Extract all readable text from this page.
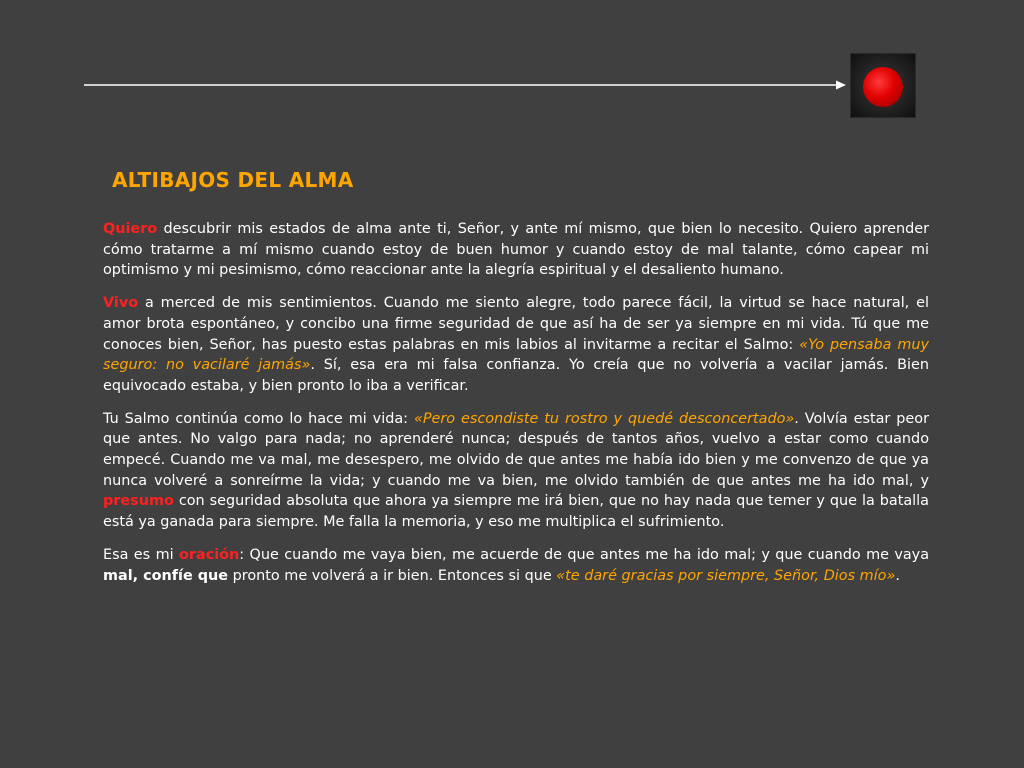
ALTIBAJOS DEL ALMA

Quiero descubrir mis estados de alma ante ti, Señor, y ante mí mismo, que bien lo necesito. Quiero aprender cómo tratarme a mí mismo cuando estoy de buen humor y cuando estoy de mal talante, cómo capear mi optimismo y mi pesimismo, cómo reaccionar ante la alegría espiritual y el desaliento humano.

Vivo a merced de mis sentimientos. Cuando me siento alegre, todo parece fácil, la virtud se hace natural, el amor brota espontáneo, y concibo una firme seguridad de que así ha de ser ya siempre en mi vida. Tú que me conoces bien, Señor, has puesto estas palabras en mis labios al invitarme a recitar el Salmo: «Yo pensaba muy seguro: no vacilaré jamás». Sí, esa era mi falsa confianza. Yo creía que no volvería a vacilar jamás. Bien equivocado estaba, y bien pronto lo iba a verificar.

Tu Salmo continúa como lo hace mi vida: «Pero escondiste tu rostro y quedé desconcertado». Volvía estar peor que antes. No valgo para nada; no aprenderé nunca; después de tantos años, vuelvo a estar como cuando empecé. Cuando me va mal, me desespero, me olvido de que antes me había ido bien y me convenzo de que ya nunca volveré a sonreírme la vida; y cuando me va bien, me olvido también de que antes me ha ido mal, y presumo con seguridad absoluta que ahora ya siempre me irá bien, que no hay nada que temer y que la batalla está ya ganada para siempre. Me falla la memoria, y eso me multiplica el sufrimiento.

Esa es mi oración: Que cuando me vaya bien, me acuerde de que antes me ha ido mal; y que cuando me vaya mal, confíe que pronto me volverá a ir bien. Entonces si que «te daré gracias por siempre, Señor, Dios mío».
